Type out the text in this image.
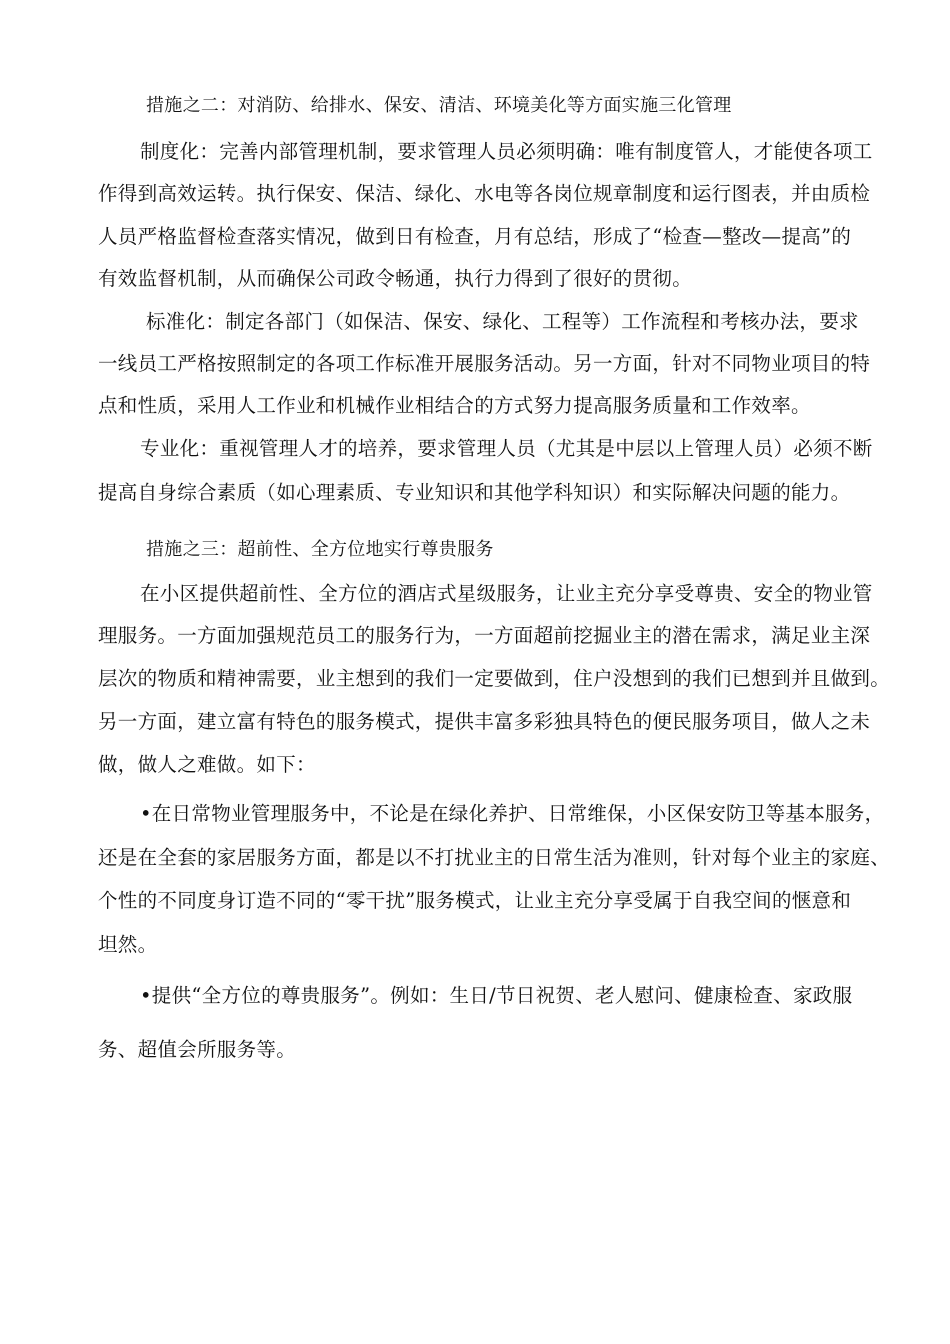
措施之二：对消防、给排水、保安、清洁、环境美化等方面实施三化管理
制度化：完善内部管理机制，要求管理人员必须明确：唯有制度管人，才能使各项工
作得到高效运转。执行保安、保洁、绿化、水电等各岗位规章制度和运行图表，并由质检
人员严格监督检查落实情况，做到日有检查，月有总结，形成了“检查—整改—提高”的
有效监督机制，从而确保公司政令畅通，执行力得到了很好的贯彻。
标准化：制定各部门（如保洁、保安、绿化、工程等）工作流程和考核办法，要求
一线员工严格按照制定的各项工作标准开展服务活动。另一方面，针对不同物业项目的特
点和性质，采用人工作业和机械作业相结合的方式努力提高服务质量和工作效率。
专业化：重视管理人才的培养，要求管理人员（尤其是中层以上管理人员）必须不断
提高自身综合素质（如心理素质、专业知识和其他学科知识）和实际解决问题的能力。
措施之三：超前性、全方位地实行尊贵服务
在小区提供超前性、全方位的酒店式星级服务，让业主充分享受尊贵、安全的物业管
理服务。一方面加强规范员工的服务行为，一方面超前挖掘业主的潜在需求，满足业主深
层次的物质和精神需要，业主想到的我们一定要做到，住户没想到的我们已想到并且做到。
另一方面，建立富有特色的服务模式，提供丰富多彩独具特色的便民服务项目，做人之未
做，做人之难做。如下：
•在日常物业管理服务中，不论是在绿化养护、日常维保，小区保安防卫等基本服务，
还是在全套的家居服务方面，都是以不打扰业主的日常生活为准则，针对每个业主的家庭、
个性的不同度身订造不同的“零干扰”服务模式，让业主充分享受属于自我空间的惬意和
坦然。
•提供“全方位的尊贵服务”。例如：生日/节日祝贺、老人慰问、健康检查、家政服
务、超值会所服务等。
